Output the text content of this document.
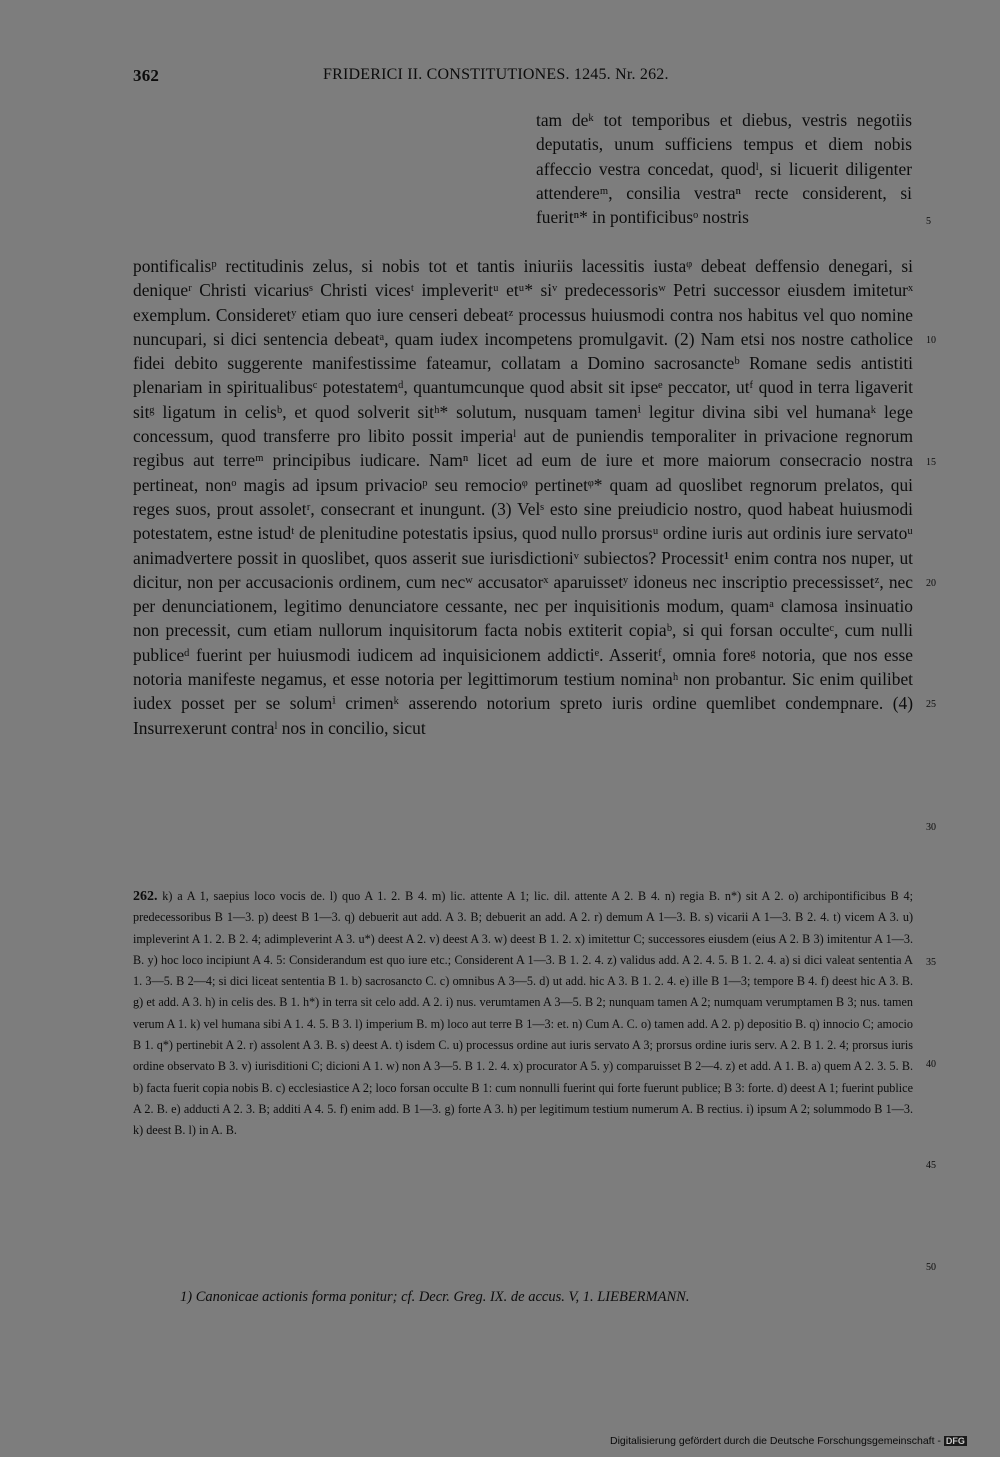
362	FRIDERICI II. CONSTITUTIONES. 1245. Nr. 262.
tam deᵏ tot temporibus et diebus, vestris negotiis deputatis, unum sufficiens tempus et diem nobis affeccio vestra concedat, quodˡ, si licuerit diligenter attendereᵐ, consilia vestraⁿ recte considerent, si fueritⁿ* in pontificibusᵒ nostris
pontificalisᵖ rectitudinis zelus, si nobis tot et tantis iniuriis lacessitis iustaᵠ debeat deffensio denegari, si deniqueʳ Christi vicariusˢ Christi vicesᵗ impleveritᵘ etᵘ* siᵛ predecessorisʷ Petri successor eiusdem imiteturˣ exemplum. Consideretʸ etiam quo iure censeri debeatᶻ processus huiusmodi contra nos habitus vel quo nomine nuncupari, si dici sentencia debeatᵃ, quam iudex incompetens promulgavit. (2) Nam etsi nos nostre catholice fidei debito suggerente manifestissime fateamur, collatam a Domino sacrosancteᵇ Romane sedis antistiti plenariam in spiritualibusᶜ potestatemᵈ, quantumcunque quod absit sit ipseᵉ peccator, utᶠ quod in terra ligaverit sitᵍ ligatum in celisᵇ, et quod solverit sitʰ* solutum, nusquam tamenⁱ legitur divina sibi vel humanaᵏ lege concessum, quod transferre pro libito possit imperiaˡ aut de puniendis temporaliter in privacione regnorum regibus aut terreᵐ principibus iudicare. Namⁿ licet ad eum de iure et more maiorum consecracio nostra pertineat, nonᵒ magis ad ipsum privacioᵖ seu remocioᵠ pertinetᵠ* quam ad quoslibet regnorum prelatos, qui reges suos, prout assoletʳ, consecrant et inungunt. (3) Velˢ esto sine preiudicio nostro, quod habeat huiusmodi potestatem, estne istudᵗ de plenitudine potestatis ipsius, quod nullo prorsusᵘ ordine iuris aut ordinis iure servatoᵘ animadvertere possit in quoslibet, quos asserit sue iurisdictioniᵛ subiectos? Processit¹ enim contra nos nuper, ut dicitur, non per accusacionis ordinem, cum necʷ accusatorˣ aparuissetʸ idoneus nec inscriptio precessissetᶻ, nec per denunciationem, legitimo denunciatore cessante, nec per inquisitionis modum, quamᵃ clamosa insinuatio non precessit, cum etiam nullorum inquisitorum facta nobis extiterit copiaᵇ, si qui forsan occulteᶜ, cum nulli publiceᵈ fuerint per huiusmodi iudicem ad inquisicionem addictiᵉ. Asseritᶠ, omnia foreᵍ notoria, que nos esse notoria manifeste negamus, et esse notoria per legittimorum testium nominaʰ non probantur. Sic enim quilibet iudex posset per se solumⁱ crimenᵏ asserendo notorium spreto iuris ordine quemlibet condempnare. (4) Insurrexerunt contraˡ nos in concilio, sicut
5
10
15
20
25
30
35
40
45
50
262. k) a A 1, saepius loco vocis de. l) quo A 1. 2. B 4. m) lic. attente A 1; lic. dil. attente A 2. B 4. n) regia B. n*) sit A 2. o) archipontificibus B 4; predecessoribus B 1—3. p) deest B 1—3. q) debuerit aut add. A 3. B; debuerit an add. A 2. r) demum A 1—3. B. s) vicarii A 1—3. B 2. 4. t) vicem A 3. u) impleverint A 1. 2. B 2. 4; adimpleverint A 3. u*) deest A 2. v) deest A 3. w) deest B 1. 2. x) imitettur C; successores eiusdem (eius A 2. B 3) imitentur A 1—3. B. y) hoc loco incipiunt A 4. 5: Considerandum est quo iure etc.; Considerent A 1—3. B 1. 2. 4. z) validus add. A 2. 4. 5. B 1. 2. 4. a) si dici valeat sententia A 1. 3—5. B 2—4; si dici liceat sententia B 1. b) sacrosancto C. c) omnibus A 3—5. d) ut add. hic A 3. B 1. 2. 4. e) ille B 1—3; tempore B 4. f) deest hic A 3. B. g) et add. A 3. h) in celis des. B 1. h*) in terra sit celo add. A 2. i) nus. verumtamen A 3—5. B 2; nunquam tamen A 2; numquam verumptamen B 3; nus. tamen verum A 1. k) vel humana sibi A 1. 4. 5. B 3. l) imperium B. m) loco aut terre B 1—3: et. n) Cum A. C. o) tamen add. A 2. p) depositio B. q) innocio C; amocio B 1. q*) pertinebit A 2. r) assolent A 3. B. s) deest A. t) isdem C. u) processus ordine aut iuris servato A 3; prorsus ordine iuris serv. A 2. B 1. 2. 4; prorsus iuris ordine observato B 3. v) iurisditioni C; dicioni A 1. w) non A 3—5. B 1. 2. 4. x) procurator A 5. y) comparuisset B 2—4. z) et add. A 1. B. a) quem A 2. 3. 5. B. b) facta fuerit copia nobis B. c) ecclesiastice A 2; loco forsan occulte B 1: cum nonnulli fuerint qui forte fuerunt publice; B 3: forte. d) deest A 1; fuerint publice A 2. B. e) adducti A 2. 3. B; additi A 4. 5. f) enim add. B 1—3. g) forte A 3. h) per legitimum testium numerum A. B rectius. i) ipsum A 2; solummodo B 1—3. k) deest B. l) in A. B.
1) Canonicae actionis forma ponitur; cf. Decr. Greg. IX. de accus. V, 1. LIEBERMANN.
Digitalisierung gefördert durch die Deutsche Forschungsgemeinschaft - DFG
